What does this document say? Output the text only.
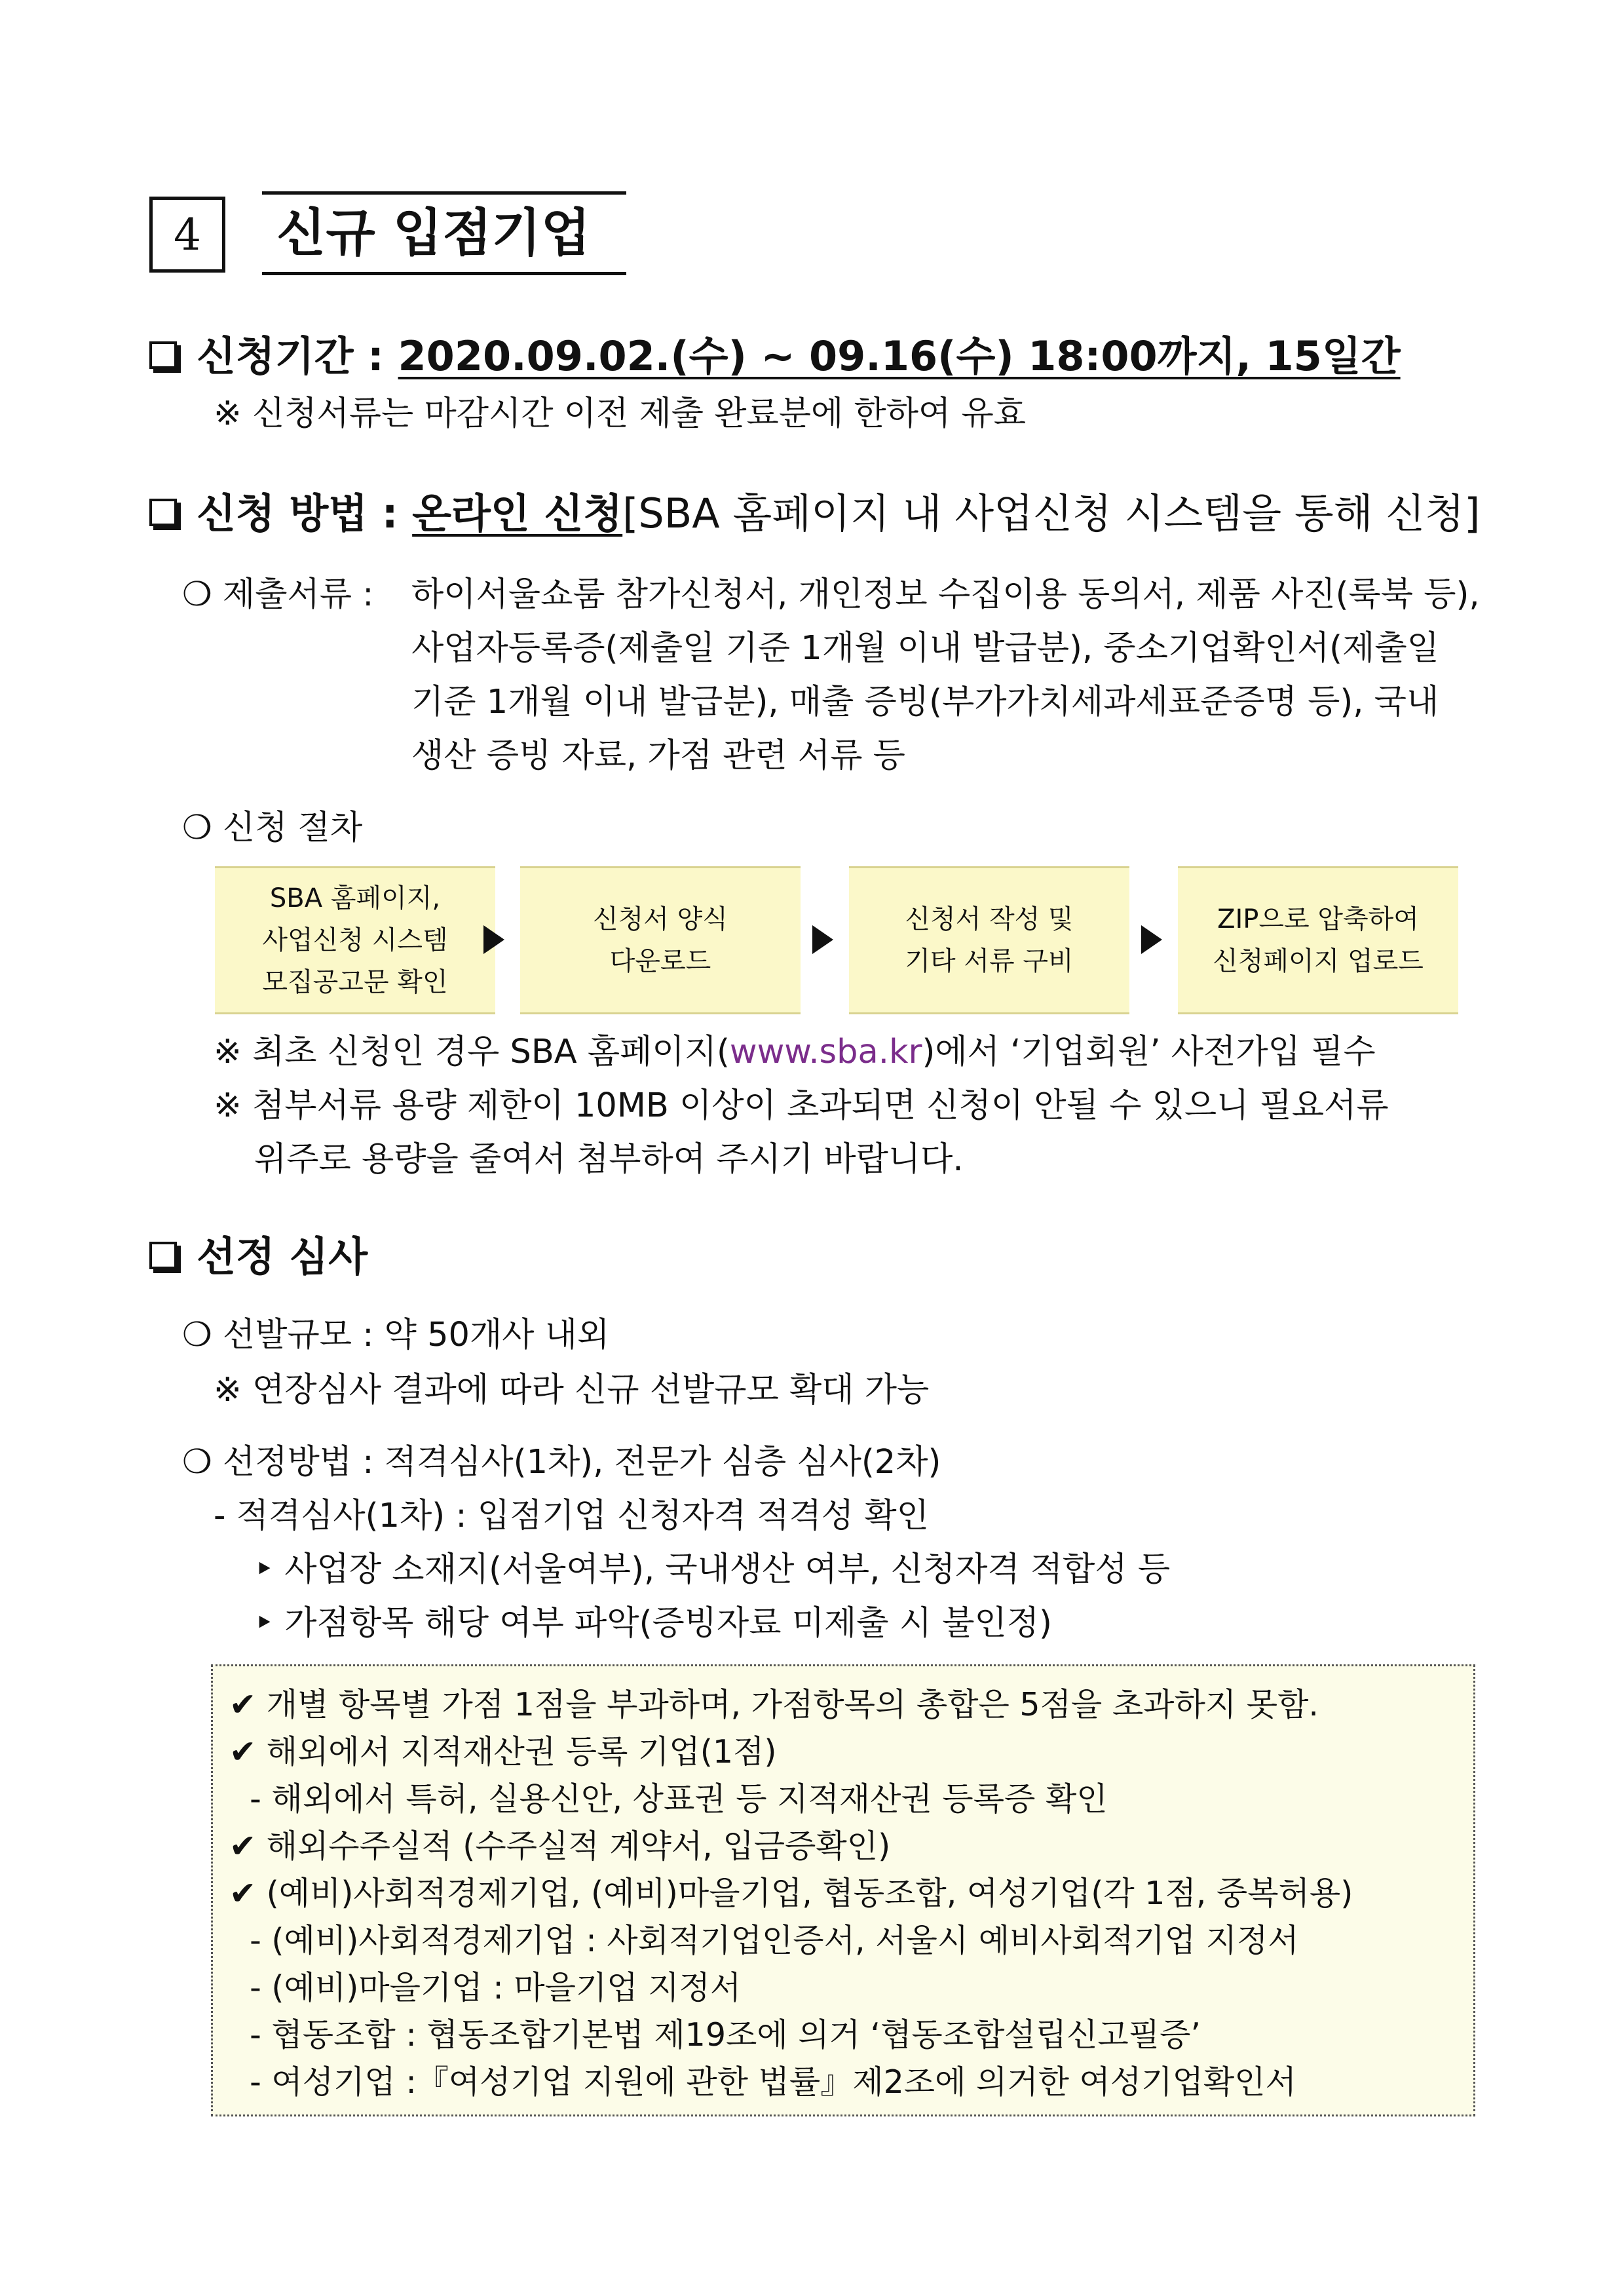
4	신규 입점기업
신청기간 : 2020.09.02.(수) ~ 09.16(수) 18:00까지, 15일간
※ 신청서류는 마감시간 이전 제출 완료분에 한하여 유효
신청 방법 : 온라인 신청[SBA 홈페이지 내 사업신청 시스템을 통해 신청]
❍ 제출서류 : 하이서울쇼룸 참가신청서, 개인정보 수집이용 동의서, 제품 사진(룩북 등),
사업자등록증(제출일 기준 1개월 이내 발급분), 중소기업확인서(제출일
기준 1개월 이내 발급분), 매출 증빙(부가가치세과세표준증명 등), 국내
생산 증빙 자료, 가점 관련 서류 등
❍ 신청 절차
SBA 홈페이지,
사업신청 시스템
모집공고문 확인
신청서 양식
다운로드
신청서 작성 및
기타 서류 구비
ZIP으로 압축하여
신청페이지 업로드
※ 최초 신청인 경우 SBA 홈페이지(www.sba.kr)에서 ‘기업회원’ 사전가입 필수
※ 첨부서류 용량 제한이 10MB 이상이 초과되면 신청이 안될 수 있으니 필요서류
위주로 용량을 줄여서 첨부하여 주시기 바랍니다.
선정 심사
❍ 선발규모 : 약 50개사 내외
※ 연장심사 결과에 따라 신규 선발규모 확대 가능
❍ 선정방법 : 적격심사(1차), 전문가 심층 심사(2차)
- 적격심사(1차) : 입점기업 신청자격 적격성 확인
‣ 사업장 소재지(서울여부), 국내생산 여부, 신청자격 적합성 등
‣ 가점항목 해당 여부 파악(증빙자료 미제출 시 불인정)
✔ 개별 항목별 가점 1점을 부과하며, 가점항목의 총합은 5점을 초과하지 못함.
✔ 해외에서 지적재산권 등록 기업(1점)
- 해외에서 특허, 실용신안, 상표권 등 지적재산권 등록증 확인
✔ 해외수주실적 (수주실적 계약서, 입금증확인)
✔ (예비)사회적경제기업, (예비)마을기업, 협동조합, 여성기업(각 1점, 중복허용)
- (예비)사회적경제기업 : 사회적기업인증서, 서울시 예비사회적기업 지정서
- (예비)마을기업 : 마을기업 지정서
- 협동조합 : 협동조합기본법 제19조에 의거 ‘협동조합설립신고필증’
- 여성기업 :『여성기업 지원에 관한 법률』제2조에 의거한 여성기업확인서
